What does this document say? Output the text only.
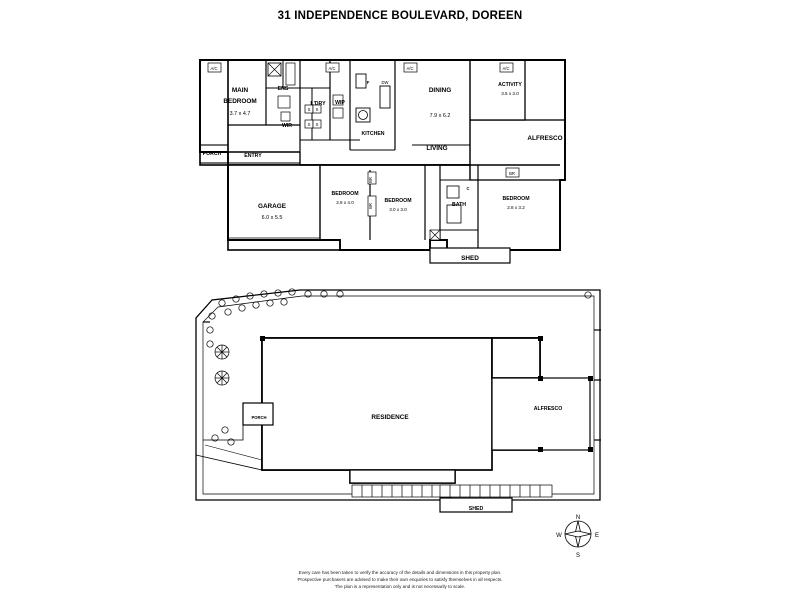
31 INDEPENDENCE BOULEVARD, DOREEN
A/C	A/C	A/C	A/C
MAIN
BEDROOM
3.7 x 4.7
ENS
L'DRY WIP
WIR
KITCHEN
F	DW
S
S
S
S
DINING
7.9 x 6.2
LIVING
ACTIVITY
3.5 x 3.0
ALFRESCO
PORCH	ENTRY
GARAGE
6.0 x 5.5
BEDROOM
2.8 x 4.0	BEDROOM
3.0 x 3.0
BATH
C
BEDROOM
2.8 x 3.2
BR
BR
BR
SHED
RESIDENCE
ALFRESCO
PORCH
SHED
N
S
E
W
Every care has been taken to verify the accuracy of the details and dimensions in this property plan.
Prospective purchasers are advised to make their own enquiries to satisfy themselves in all respects.
The plan is a representation only and is not necessarily to scale.
